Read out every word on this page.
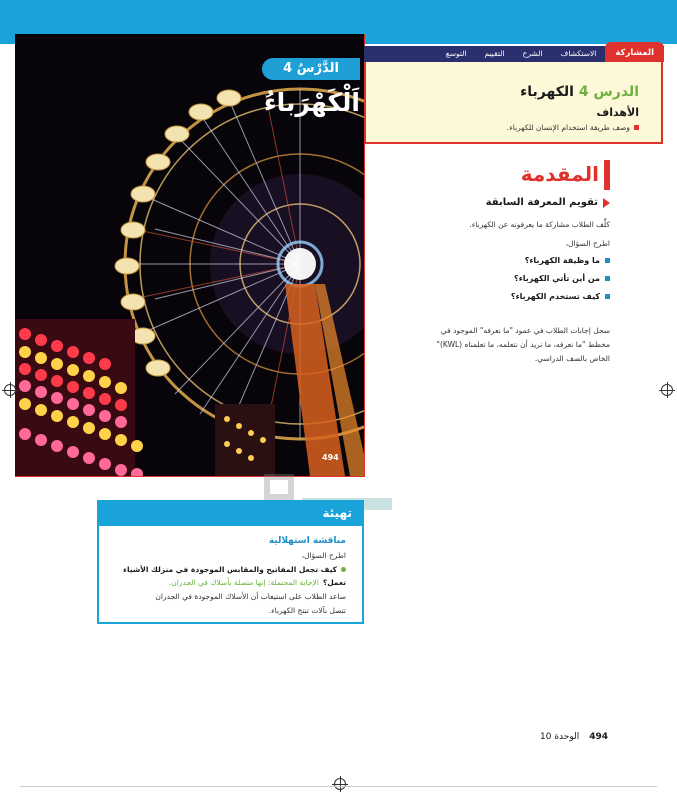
الدَّرْسُ 4
اَلْكَهْرَباءُ
494
المشاركة
الاستكشاف
الشرح
التقييم
التوسع
الدرس 4 الكهرباء
الأهداف
وصف طريقة استخدام الإنسان للكهرباء.
المقدمة
تقويم المعرفة السابقة
كلِّف الطلاب مشاركة ما يعرفونه عن الكهرباء.
اطرح السؤال،
ما وظيفة الكهرباء؟
من أين تأتي الكهرباء؟
كيف تستخدم الكهرباء؟
سجل إجابات الطلاب في عمود "ما نعرفه" الموجود في
مخطط "ما نعرفه، ما نريد أن نتعلمه، ما تعلمناه (KWL)"
الخاص بالصف الدراسي.
تهيئة
مناقشة استهلالية
اطرح السؤال،
كيف تجعل المفاتيح والمقابس الموجودة في منزلك الأشياء
تعمل؟
الإجابة المحتملة: إنها متصلة بأسلاك في الجدران.
ساعد الطلاب على استيعاب أن الأسلاك الموجودة في الجدران
تتصل بآلات تنتج الكهرباء.
494
الوحدة 10
